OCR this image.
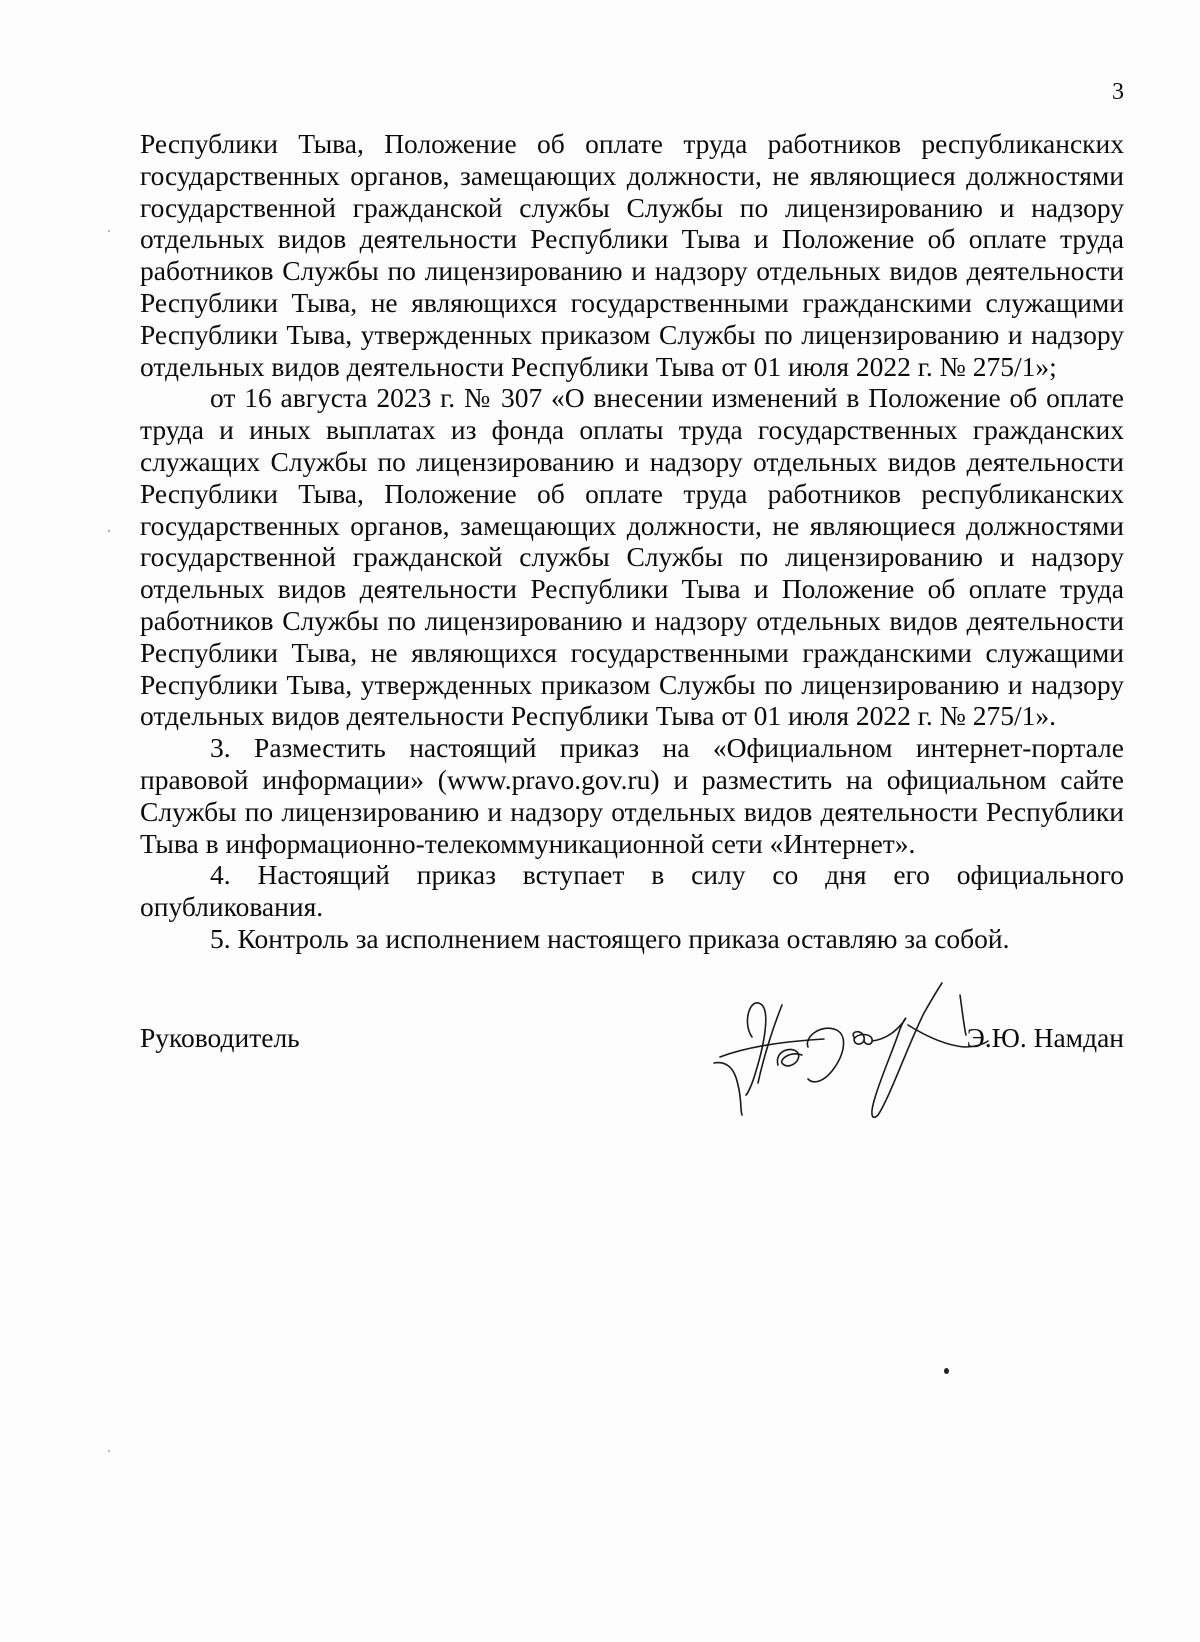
3

Республики Тыва, Положение об оплате труда работников республиканских государственных органов, замещающих должности, не являющиеся должностями государственной гражданской службы Службы по лицензированию и надзору отдельных видов деятельности Республики Тыва и Положение об оплате труда работников Службы по лицензированию и надзору отдельных видов деятельности Республики Тыва, не являющихся государственными гражданскими служащими Республики Тыва, утвержденных приказом Службы по лицензированию и надзору отдельных видов деятельности Республики Тыва от 01 июля 2022 г. № 275/1»;

от 16 августа 2023 г. № 307 «О внесении изменений в Положение об оплате труда и иных выплатах из фонда оплаты труда государственных гражданских служащих Службы по лицензированию и надзору отдельных видов деятельности Республики Тыва, Положение об оплате труда работников республиканских государственных органов, замещающих должности, не являющиеся должностями государственной гражданской службы Службы по лицензированию и надзору отдельных видов деятельности Республики Тыва и Положение об оплате труда работников Службы по лицензированию и надзору отдельных видов деятельности Республики Тыва, не являющихся государственными гражданскими служащими Республики Тыва, утвержденных приказом Службы по лицензированию и надзору отдельных видов деятельности Республики Тыва от 01 июля 2022 г. № 275/1».

3. Разместить настоящий приказ на «Официальном интернет-портале правовой информации» (www.pravo.gov.ru) и разместить на официальном сайте Службы по лицензированию и надзору отдельных видов деятельности Республики Тыва в информационно-телекоммуникационной сети «Интернет».

4. Настоящий приказ вступает в силу со дня его официального опубликования.

5. Контроль за исполнением настоящего приказа оставляю за собой.

Руководитель	Э.Ю. Намдан
